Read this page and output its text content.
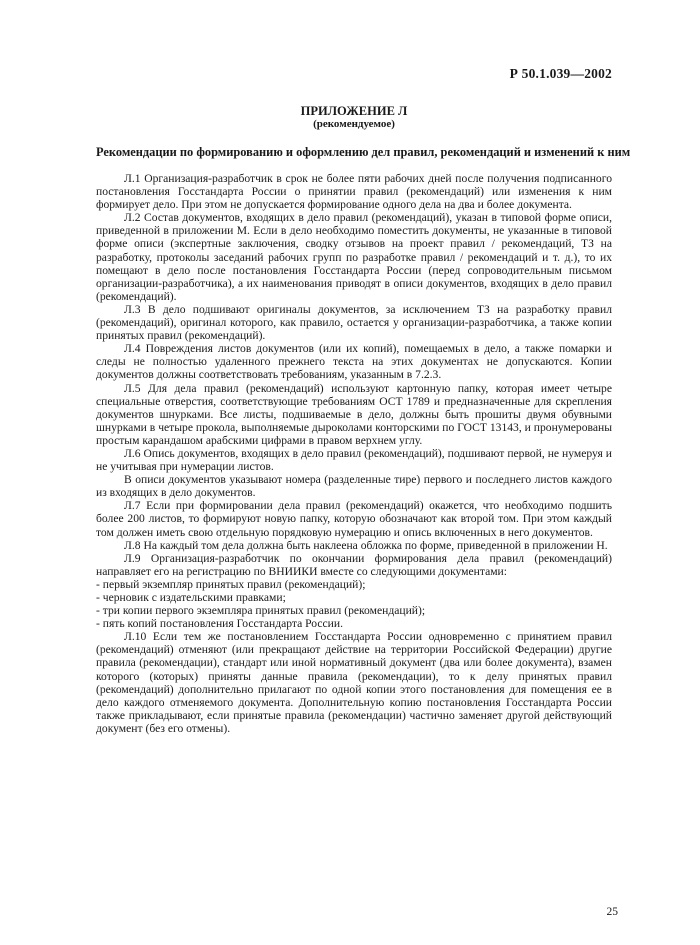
Р 50.1.039—2002
ПРИЛОЖЕНИЕ Л
(рекомендуемое)
Рекомендации по формированию и оформлению дел правил, рекомендаций и изменений к ним

Л.1 Организация-разработчик в срок не более пяти рабочих дней после получения подписанного постановления Госстандарта России о принятии правил (рекомендаций) или изменения к ним формирует дело. При этом не допускается формирование одного дела на два и более документа.

Л.2 Состав документов, входящих в дело правил (рекомендаций), указан в типовой форме описи, приведенной в приложении М. Если в дело необходимо поместить документы, не указанные в типовой форме описи (экспертные заключения, сводку отзывов на проект правил / рекомендаций, ТЗ на разработку, протоколы заседаний рабочих групп по разработке правил / рекомендаций и т. д.), то их помещают в дело после постановления Госстандарта России (перед сопроводительным письмом организации-разработчика), а их наименования приводят в описи документов, входящих в дело правил (рекомендаций).

Л.3 В дело подшивают оригиналы документов, за исключением ТЗ на разработку правил (рекомендаций), оригинал которого, как правило, остается у организации-разработчика, а также копии принятых правил (рекомендаций).

Л.4 Повреждения листов документов (или их копий), помещаемых в дело, а также помарки и следы не полностью удаленного прежнего текста на этих документах не допускаются. Копии документов должны соответствовать требованиям, указанным в 7.2.3.

Л.5 Для дела правил (рекомендаций) используют картонную папку, которая имеет четыре специальные отверстия, соответствующие требованиям ОСТ 1789 и предназначенные для скрепления документов шнурками. Все листы, подшиваемые в дело, должны быть прошиты двумя обувными шнурками в четыре прокола, выполняемые дыроколами конторскими по ГОСТ 13143, и пронумерованы простым карандашом арабскими цифрами в правом верхнем углу.

Л.6 Опись документов, входящих в дело правил (рекомендаций), подшивают первой, не нумеруя и не учитывая при нумерации листов.

В описи документов указывают номера (разделенные тире) первого и последнего листов каждого из входящих в дело документов.

Л.7 Если при формировании дела правил (рекомендаций) окажется, что необходимо подшить более 200 листов, то формируют новую папку, которую обозначают как второй том. При этом каждый том должен иметь свою отдельную порядковую нумерацию и опись включенных в него документов.

Л.8 На каждый том дела должна быть наклеена обложка по форме, приведенной в приложении Н.

Л.9 Организация-разработчик по окончании формирования дела правил (рекомендаций) направляет его на регистрацию по ВНИИКИ вместе со следующими документами:

- первый экземпляр принятых правил (рекомендаций);
- черновик с издательскими правками;
- три копии первого экземпляра принятых правил (рекомендаций);
- пять копий постановления Госстандарта России.

Л.10 Если тем же постановлением Госстандарта России одновременно с принятием правил (рекомендаций) отменяют (или прекращают действие на территории Российской Федерации) другие правила (рекомендации), стандарт или иной нормативный документ (два или более документа), взамен которого (которых) приняты данные правила (рекомендации), то к делу принятых правил (рекомендаций) дополнительно прилагают по одной копии этого постановления для помещения ее в дело каждого отменяемого документа. Дополнительную копию постановления Госстандарта России также прикладывают, если принятые правила (рекомендации) частично заменяет другой действующий документ (без его отмены).

25
